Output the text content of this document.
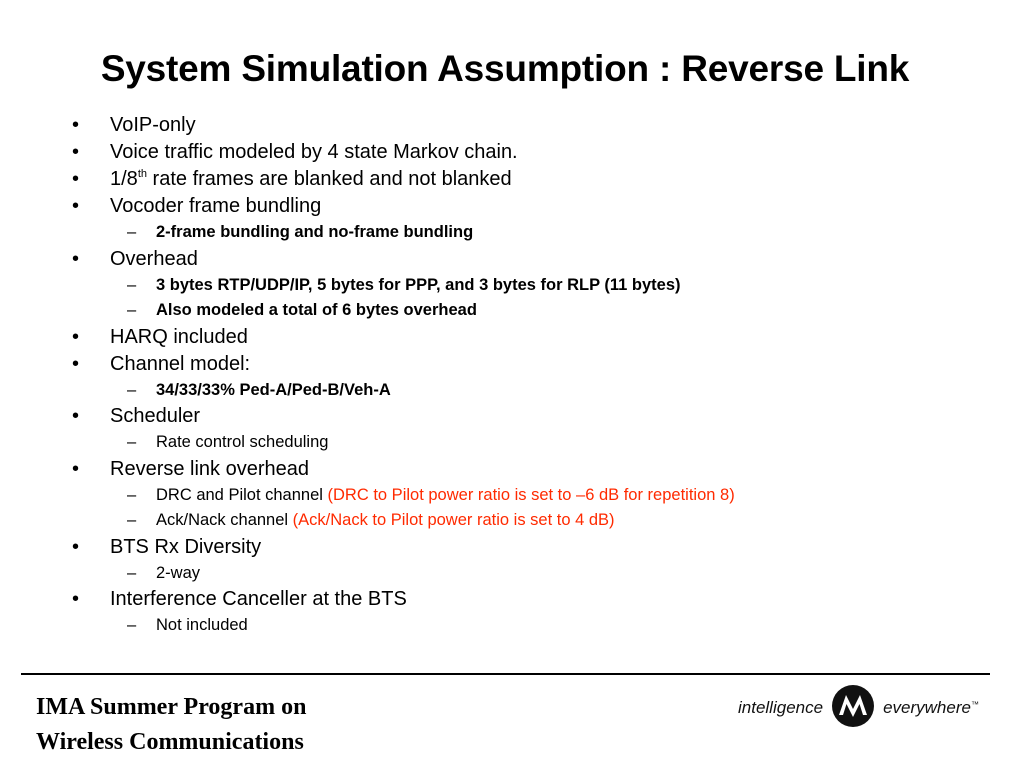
System Simulation Assumption : Reverse Link
• VoIP-only
• Voice traffic modeled by 4 state Markov chain.
• 1/8th rate frames are blanked and not blanked
• Vocoder frame bundling
– 2-frame bundling and no-frame bundling
• Overhead
– 3 bytes RTP/UDP/IP, 5 bytes for PPP, and 3 bytes for RLP (11 bytes)
– Also modeled a total of 6 bytes overhead
• HARQ included
• Channel model:
– 34/33/33% Ped-A/Ped-B/Veh-A
• Scheduler
– Rate control scheduling
• Reverse link overhead
– DRC and Pilot channel (DRC to Pilot power ratio is set to –6 dB for repetition 8)
– Ack/Nack channel (Ack/Nack to Pilot power ratio is set to 4 dB)
• BTS Rx Diversity
– 2-way
• Interference Canceller at the BTS
– Not included
IMA Summer Program on
Wireless Communications
intelligence	everywhere™
